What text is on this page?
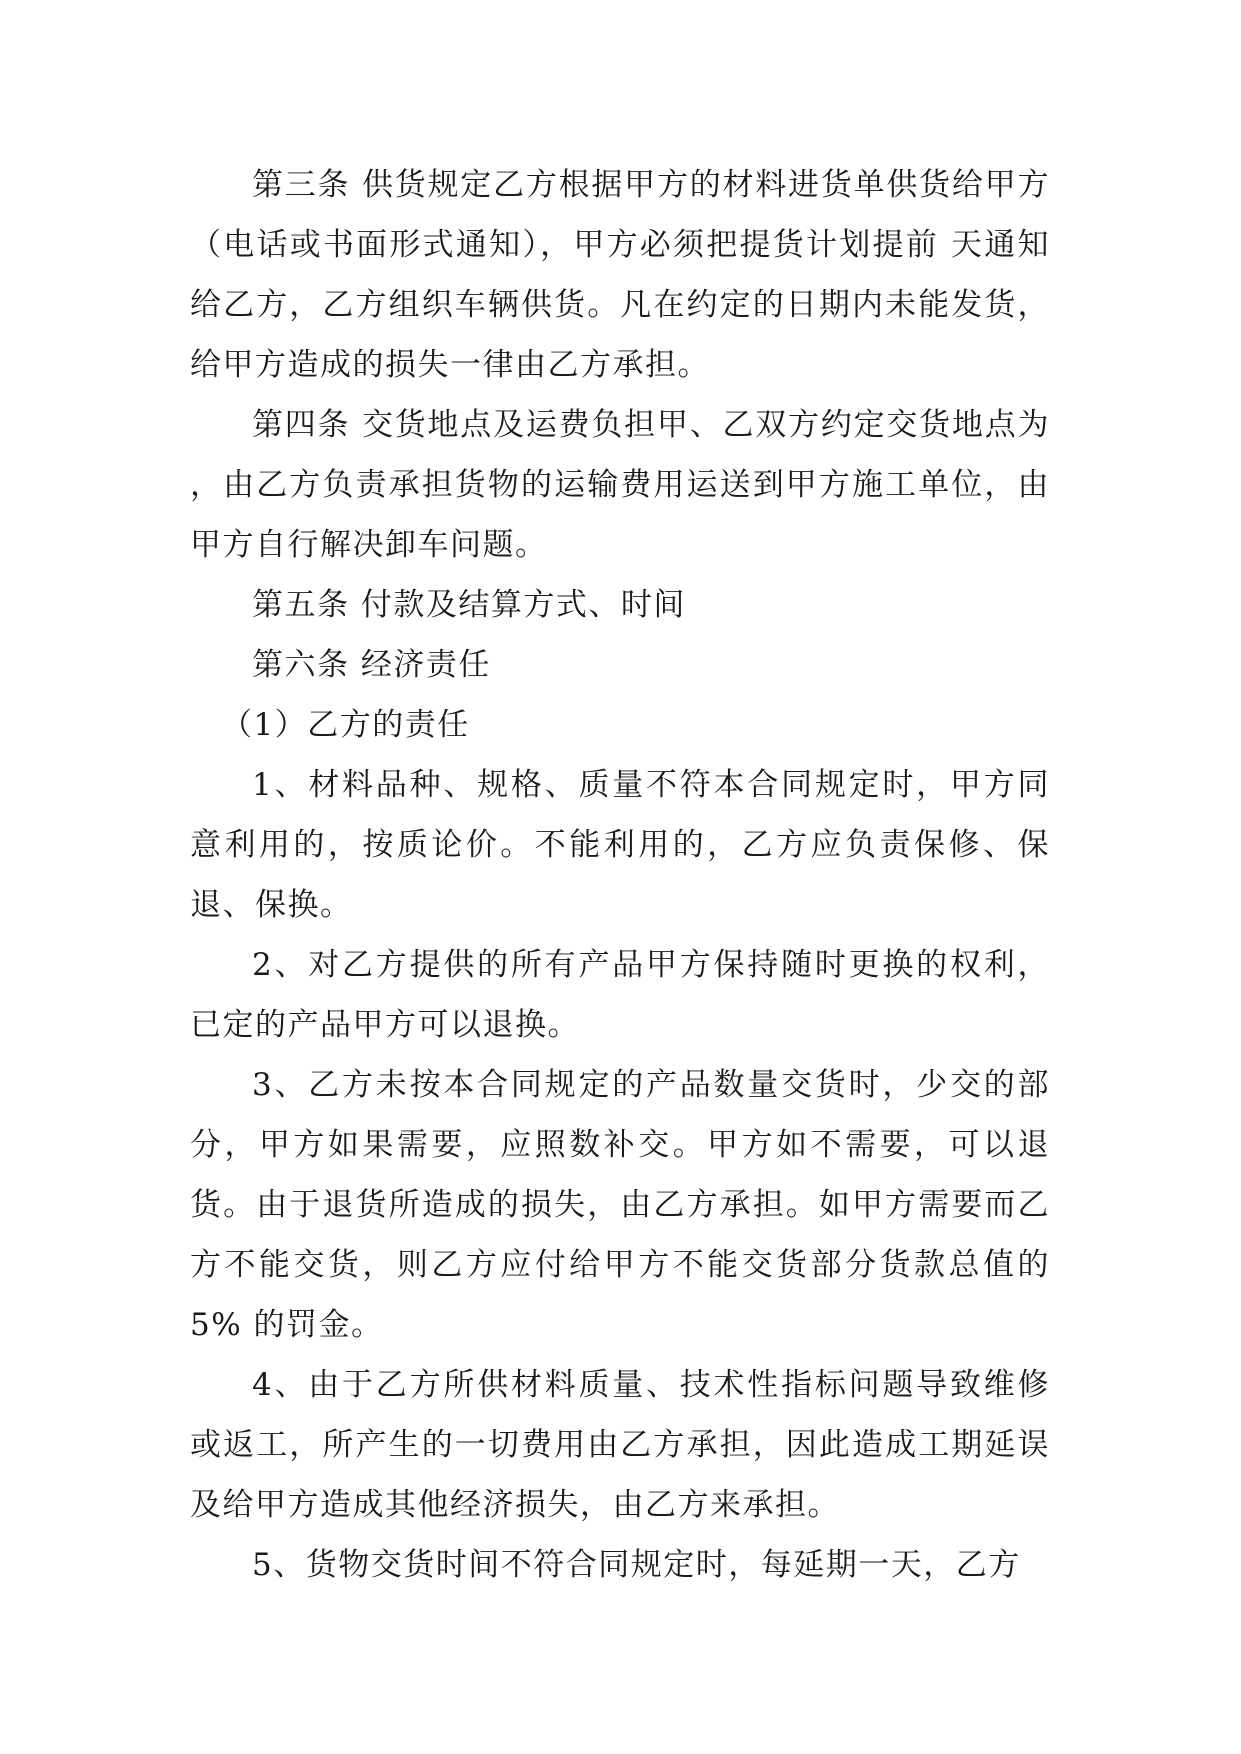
第三条 供货规定乙方根据甲方的材料进货单供货给甲方（电话或书面形式通知），甲方必须把提货计划提前 天通知给乙方，乙方组织车辆供货。凡在约定的日期内未能发货，给甲方造成的损失一律由乙方承担。

第四条 交货地点及运费负担甲、乙双方约定交货地点为 ，由乙方负责承担货物的运输费用运送到甲方施工单位，由甲方自行解决卸车问题。

第五条 付款及结算方式、时间

第六条 经济责任

（1）乙方的责任

1、材料品种、规格、质量不符本合同规定时，甲方同意利用的，按质论价。不能利用的，乙方应负责保修、保退、保换。

2、对乙方提供的所有产品甲方保持随时更换的权利，已定的产品甲方可以退换。

3、乙方未按本合同规定的产品数量交货时，少交的部分，甲方如果需要，应照数补交。甲方如不需要，可以退货。由于退货所造成的损失，由乙方承担。如甲方需要而乙方不能交货，则乙方应付给甲方不能交货部分货款总值的 5% 的罚金。

4、由于乙方所供材料质量、技术性指标问题导致维修或返工，所产生的一切费用由乙方承担，因此造成工期延误及给甲方造成其他经济损失，由乙方来承担。

5、货物交货时间不符合同规定时，每延期一天，乙方
